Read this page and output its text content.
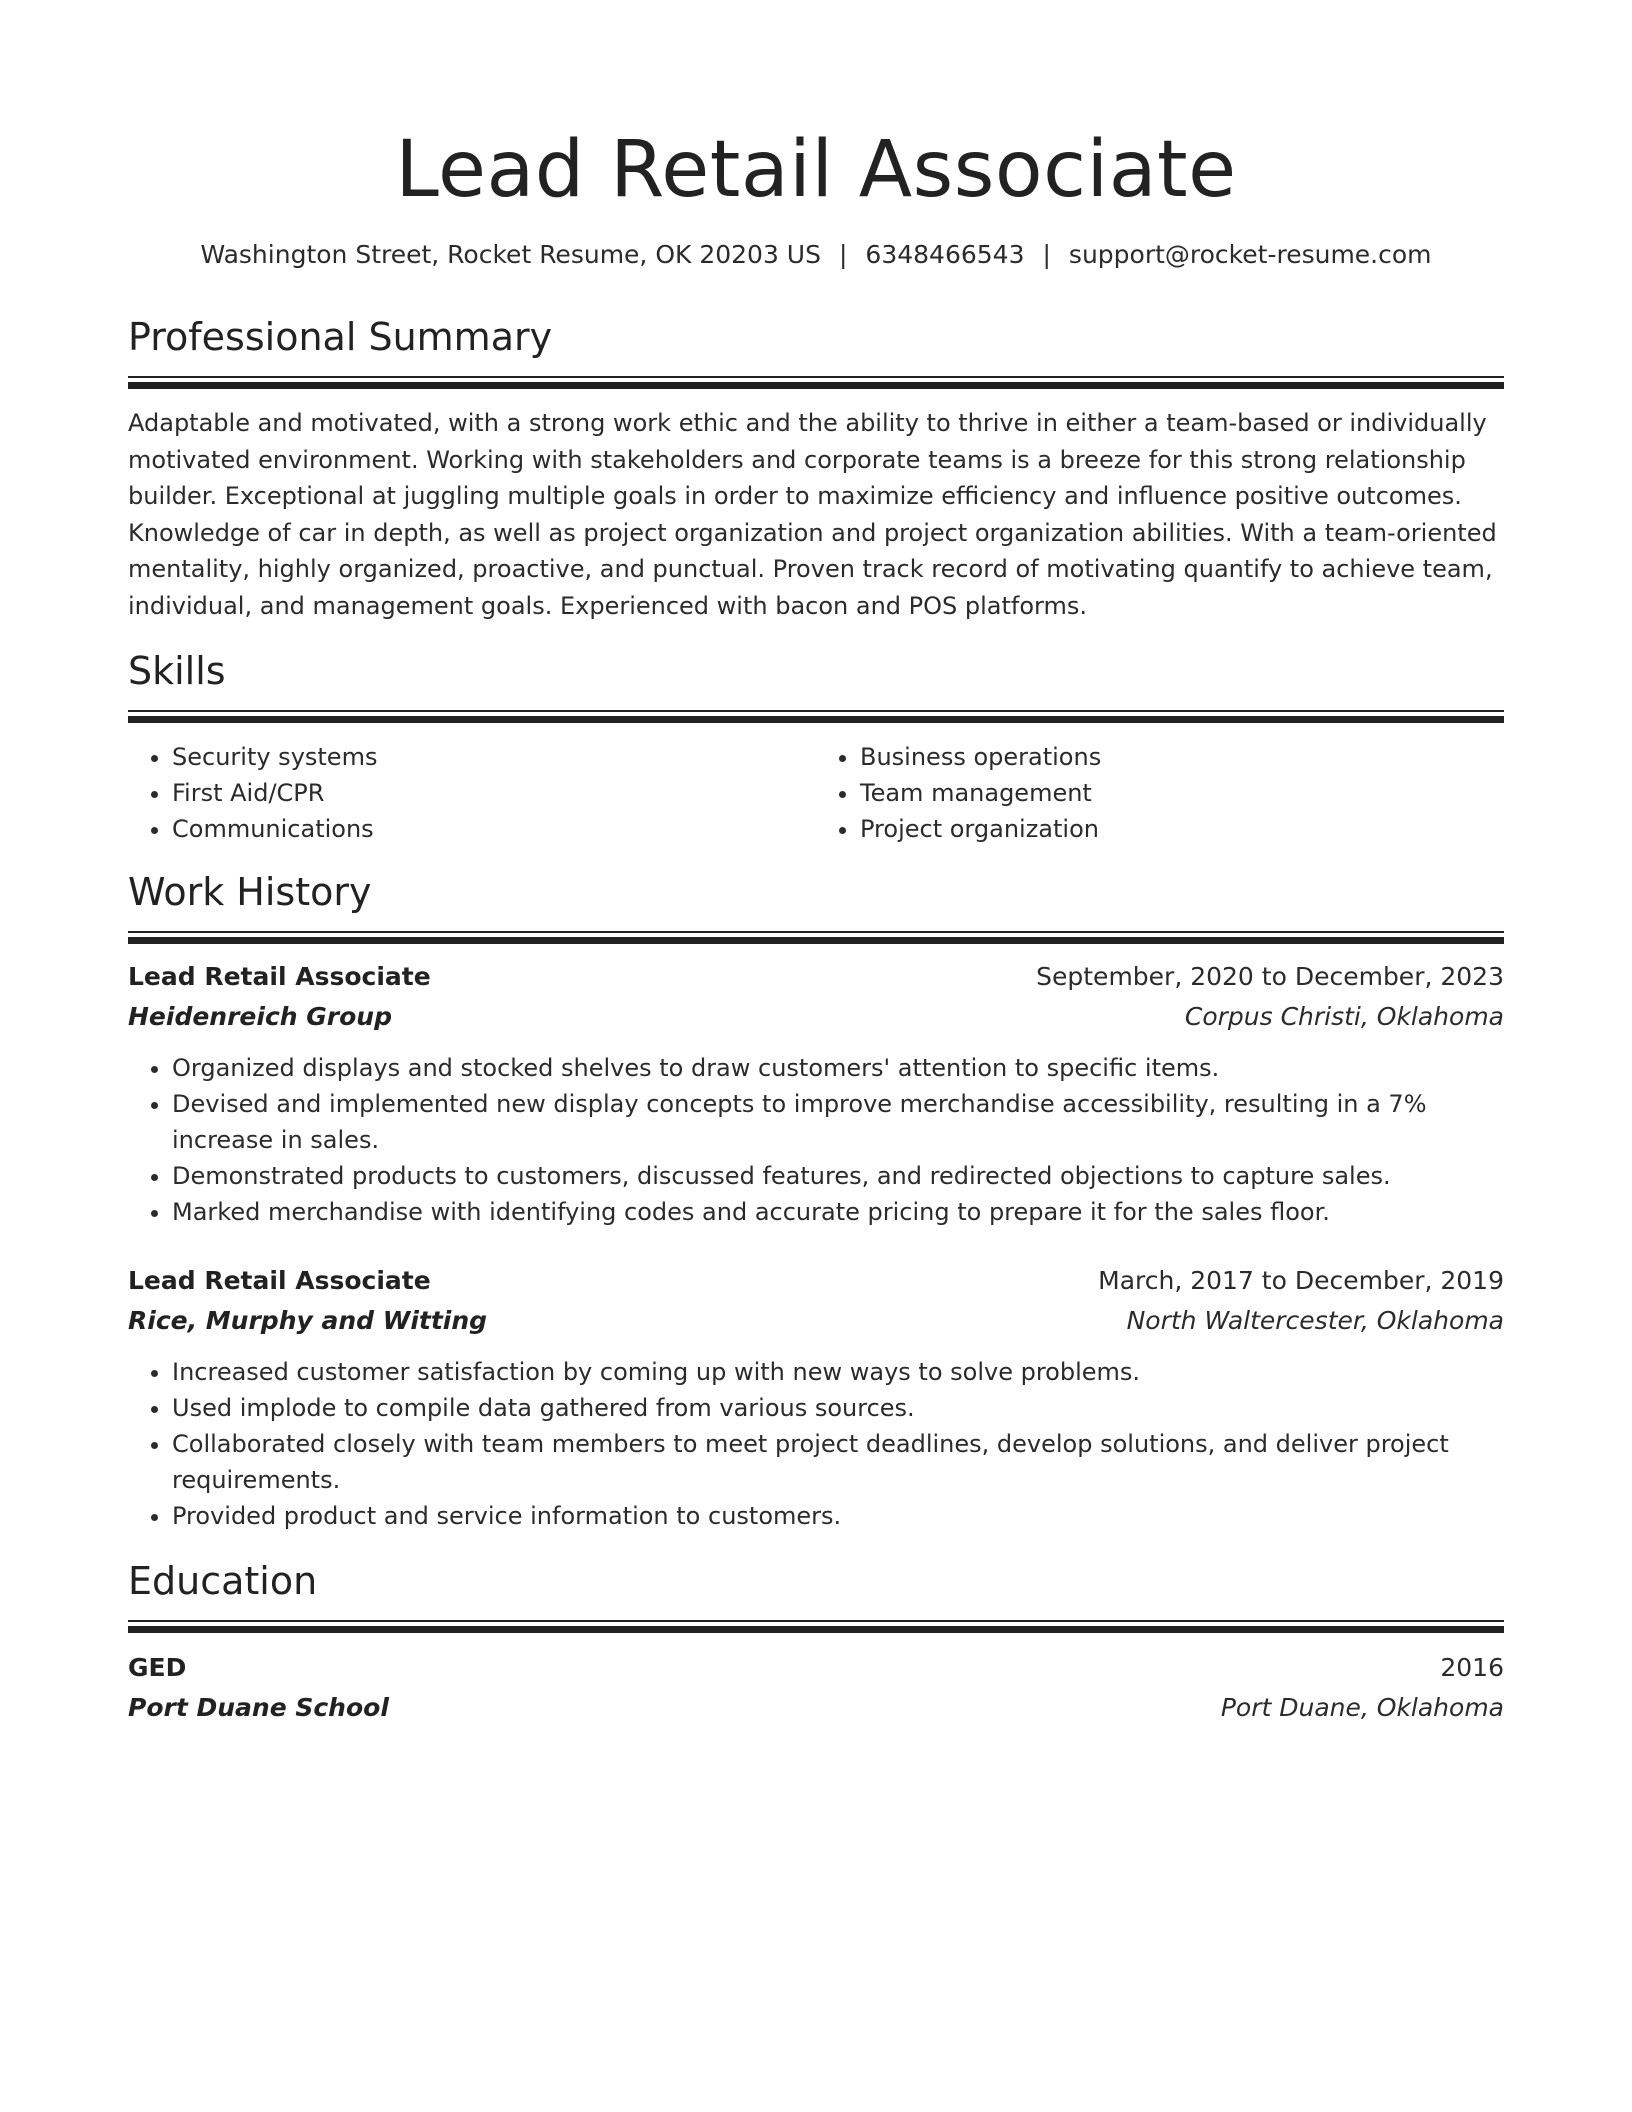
Lead Retail Associate
Washington Street, Rocket Resume, OK 20203 US | 6348466543 | support@rocket-resume.com
Professional Summary

Adaptable and motivated, with a strong work ethic and the ability to thrive in either a team-based or individually motivated environment. Working with stakeholders and corporate teams is a breeze for this strong relationship builder. Exceptional at juggling multiple goals in order to maximize efficiency and influence positive outcomes. Knowledge of car in depth, as well as project organization and project organization abilities. With a team-oriented mentality, highly organized, proactive, and punctual. Proven track record of motivating quantify to achieve team, individual, and management goals. Experienced with bacon and POS platforms.

Skills
• Security systems
• First Aid/CPR
• Communications
• Business operations
• Team management
• Project organization
Work History
Lead Retail Associate	September, 2020 to December, 2023
Heidenreich Group	Corpus Christi, Oklahoma
• Organized displays and stocked shelves to draw customers' attention to specific items.
• Devised and implemented new display concepts to improve merchandise accessibility, resulting in a 7% increase in sales.
• Demonstrated products to customers, discussed features, and redirected objections to capture sales.
• Marked merchandise with identifying codes and accurate pricing to prepare it for the sales floor.
Lead Retail Associate	March, 2017 to December, 2019
Rice, Murphy and Witting	North Waltercester, Oklahoma
• Increased customer satisfaction by coming up with new ways to solve problems.
• Used implode to compile data gathered from various sources.
• Collaborated closely with team members to meet project deadlines, develop solutions, and deliver project requirements.
• Provided product and service information to customers.
Education
GED	2016
Port Duane School	Port Duane, Oklahoma
